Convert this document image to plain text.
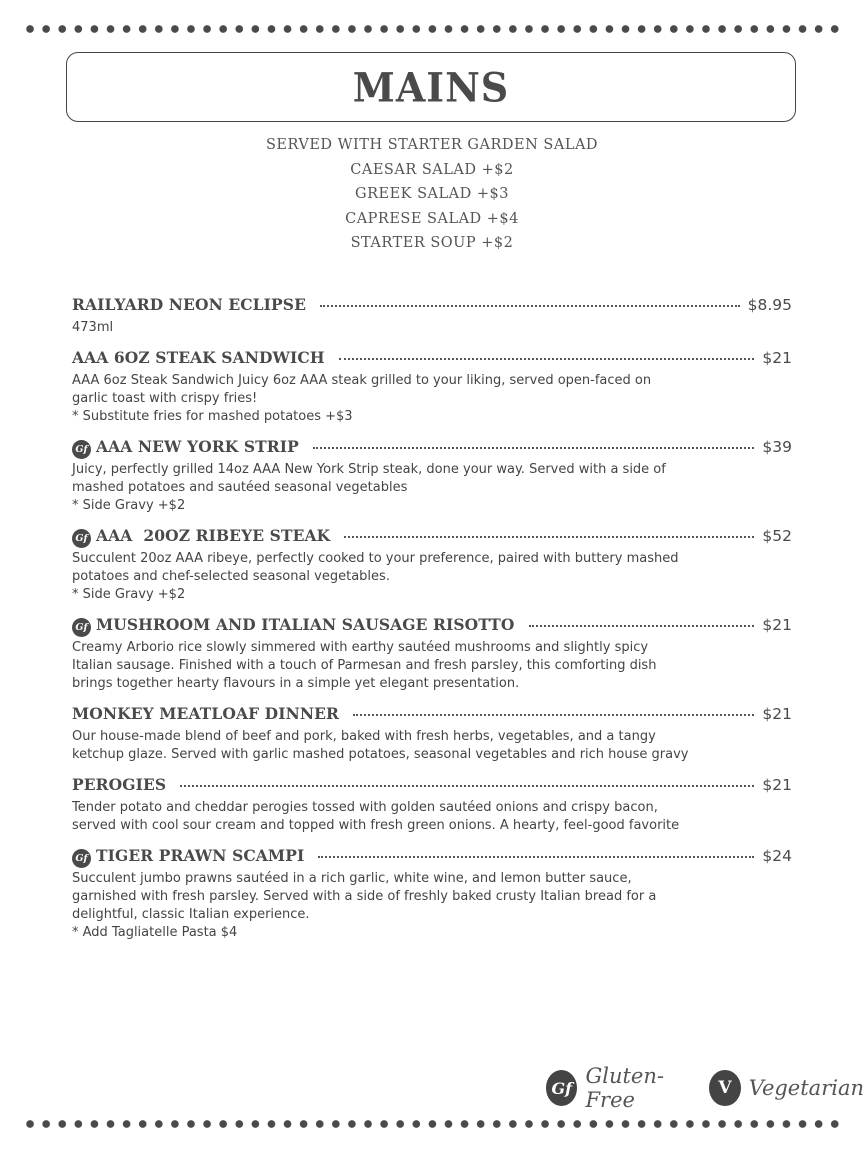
MAINS
SERVED WITH STARTER GARDEN SALAD
CAESAR SALAD +$2
GREEK SALAD +$3
CAPRESE SALAD +$4
STARTER SOUP +$2
RAILYARD NEON ECLIPSE	$8.95
473ml
AAA 6OZ STEAK SANDWICH	$21
AAA 6oz Steak Sandwich Juicy 6oz AAA steak grilled to your liking, served open-faced on
garlic toast with crispy fries!
* Substitute fries for mashed potatoes +$3
Gf AAA NEW YORK STRIP	$39
Juicy, perfectly grilled 14oz AAA New York Strip steak, done your way. Served with a side of
mashed potatoes and sautéed seasonal vegetables
* Side Gravy +$2
Gf AAA  20OZ RIBEYE STEAK	$52
Succulent 20oz AAA ribeye, perfectly cooked to your preference, paired with buttery mashed
potatoes and chef-selected seasonal vegetables.
* Side Gravy +$2
Gf MUSHROOM AND ITALIAN SAUSAGE RISOTTO	$21
Creamy Arborio rice slowly simmered with earthy sautéed mushrooms and slightly spicy
Italian sausage. Finished with a touch of Parmesan and fresh parsley, this comforting dish
brings together hearty flavours in a simple yet elegant presentation.
MONKEY MEATLOAF DINNER	$21
Our house-made blend of beef and pork, baked with fresh herbs, vegetables, and a tangy
ketchup glaze. Served with garlic mashed potatoes, seasonal vegetables and rich house gravy
PEROGIES	$21
Tender potato and cheddar perogies tossed with golden sautéed onions and crispy bacon,
served with cool sour cream and topped with fresh green onions. A hearty, feel-good favorite
Gf TIGER PRAWN SCAMPI	$24
Succulent jumbo prawns sautéed in a rich garlic, white wine, and lemon butter sauce,
garnished with fresh parsley. Served with a side of freshly baked crusty Italian bread for a
delightful, classic Italian experience.
* Add Tagliatelle Pasta $4
Gf Gluten-Free	V Vegetarian
